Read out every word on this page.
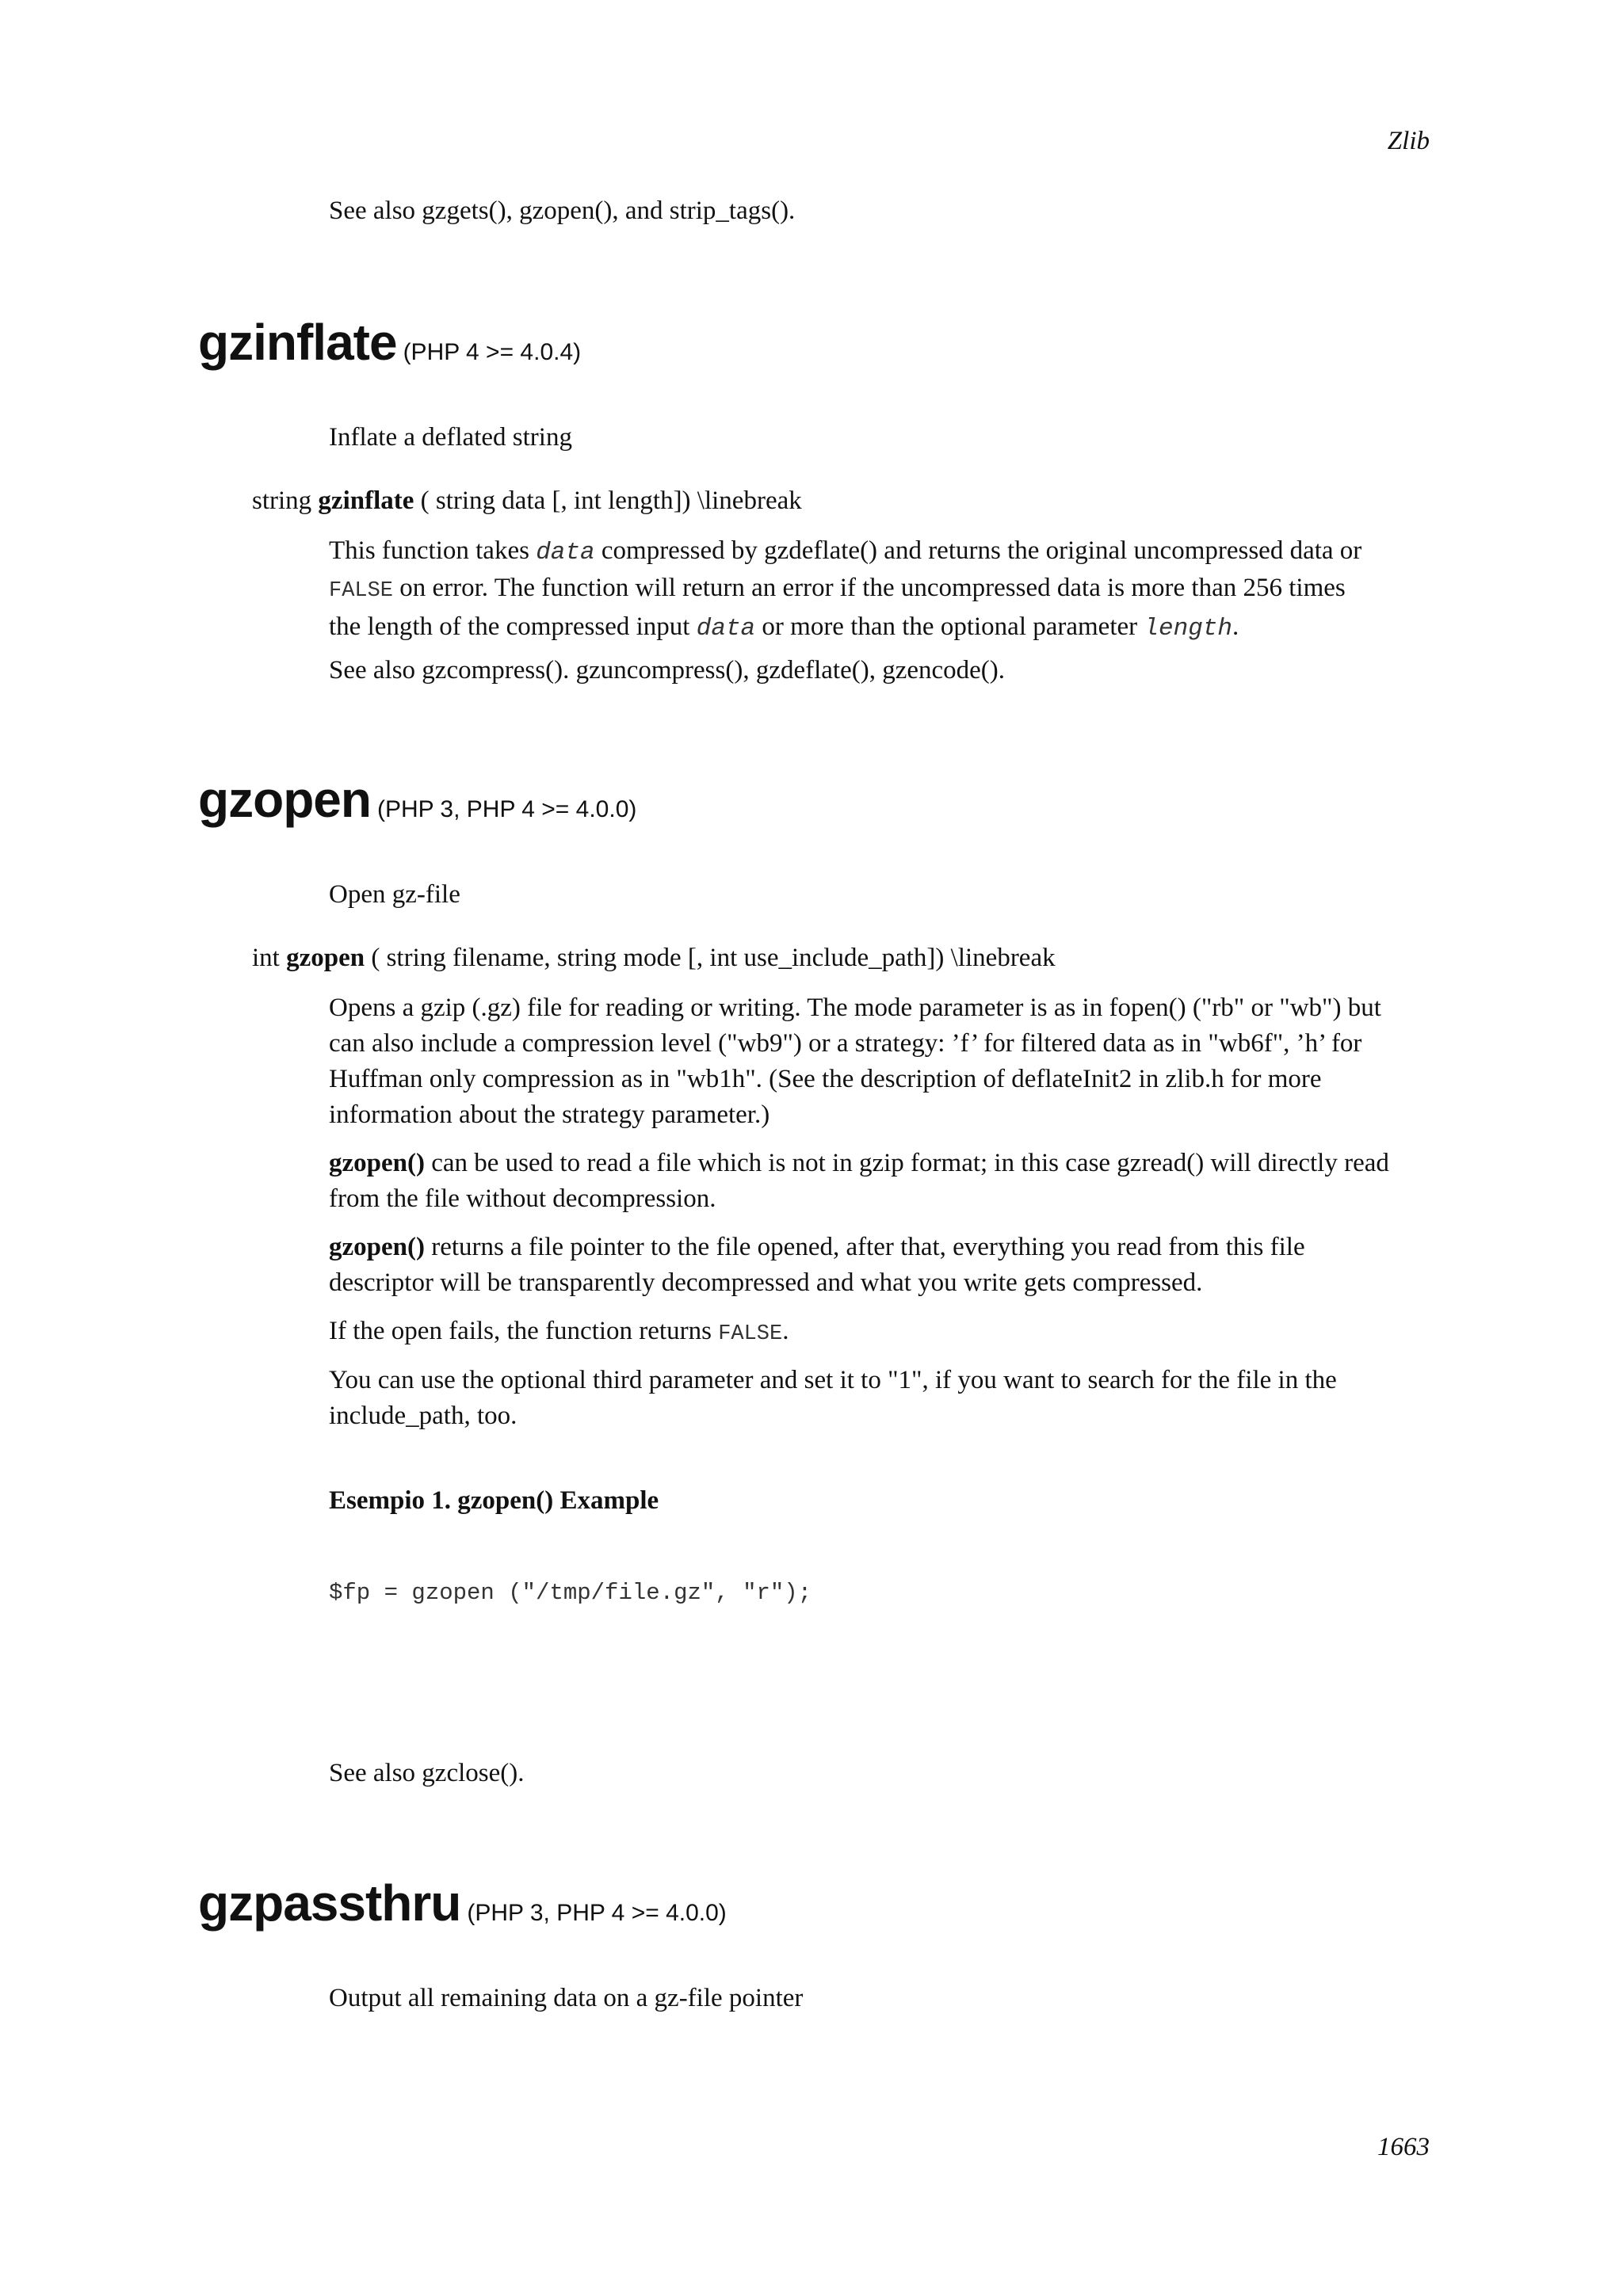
Zlib
See also gzgets(), gzopen(), and strip_tags().
gzinflate (PHP 4 >= 4.0.4)
Inflate a deflated string
string gzinflate ( string data [, int length]) \linebreak
This function takes data compressed by gzdeflate() and returns the original uncompressed data or
FALSE on error. The function will return an error if the uncompressed data is more than 256 times
the length of the compressed input data or more than the optional parameter length.
See also gzcompress(). gzuncompress(), gzdeflate(), gzencode().
gzopen (PHP 3, PHP 4 >= 4.0.0)
Open gz-file
int gzopen ( string filename, string mode [, int use_include_path]) \linebreak
Opens a gzip (.gz) file for reading or writing. The mode parameter is as in fopen() ("rb" or "wb") but
can also include a compression level ("wb9") or a strategy: ’f’ for filtered data as in "wb6f", ’h’ for
Huffman only compression as in "wb1h". (See the description of deflateInit2 in zlib.h for more
information about the strategy parameter.)
gzopen() can be used to read a file which is not in gzip format; in this case gzread() will directly read
from the file without decompression.
gzopen() returns a file pointer to the file opened, after that, everything you read from this file
descriptor will be transparently decompressed and what you write gets compressed.
If the open fails, the function returns FALSE.
You can use the optional third parameter and set it to "1", if you want to search for the file in the
include_path, too.
Esempio 1. gzopen() Example
$fp = gzopen ("/tmp/file.gz", "r");
See also gzclose().
gzpassthru (PHP 3, PHP 4 >= 4.0.0)
Output all remaining data on a gz-file pointer
1663
